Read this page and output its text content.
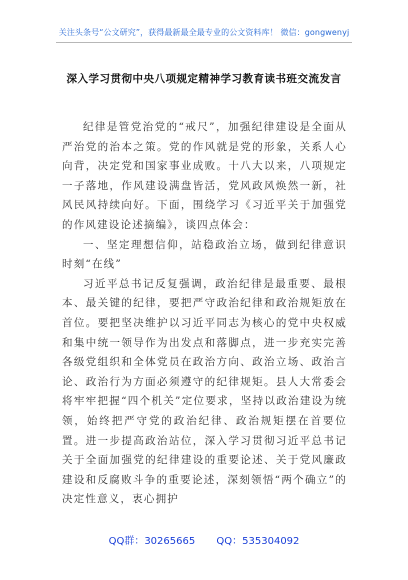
关注头条号“公文研究”，获得最新最全最专业的公文资料库！ 微信：gongwenyj
深入学习贯彻中央八项规定精神学习教育读书班交流发言

纪律是管党治党的“戒尺”，加强纪律建设是全面从严治党的治本之策。党的作风就是党的形象，关系人心向背，决定党和国家事业成败。十八大以来，八项规定一子落地，作风建设满盘皆活，党风政风焕然一新，社风民风持续向好。下面，围绕学习《习近平关于加强党的作风建设论述摘编》，谈四点体会：

一、坚定理想信仰，站稳政治立场，做到纪律意识时刻“在线”

习近平总书记反复强调，政治纪律是最重要、最根本、最关键的纪律，要把严守政治纪律和政治规矩放在首位。要把坚决维护以习近平同志为核心的党中央权威和集中统一领导作为出发点和落脚点，进一步充实完善各级党组织和全体党员在政治方向、政治立场、政治言论、政治行为方面必须遵守的纪律规矩。县人大常委会将牢牢把握“四个机关”定位要求，坚持以政治建设为统领，始终把严守党的政治纪律、政治规矩摆在首要位置。进一步提高政治站位，深入学习贯彻习近平总书记关于全面加强党的纪律建设的重要论述、关于党风廉政建设和反腐败斗争的重要论述，深刻领悟“两个确立”的决定性意义，衷心拥护

QQ群：30265665 QQ：535304092
